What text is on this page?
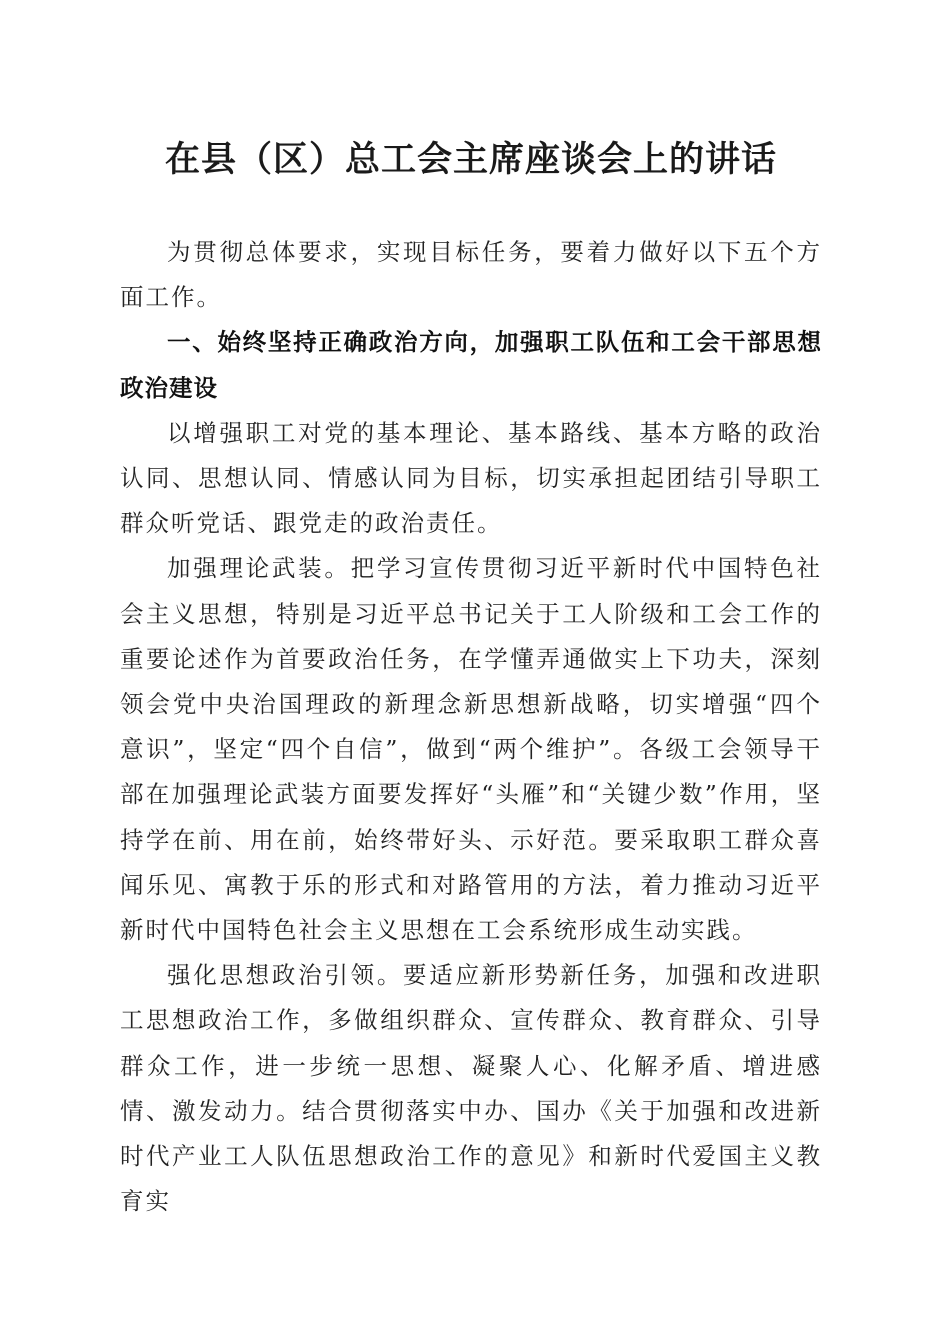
在县（区）总工会主席座谈会上的讲话

为贯彻总体要求，实现目标任务，要着力做好以下五个方面工作。

一、始终坚持正确政治方向，加强职工队伍和工会干部思想政治建设

以增强职工对党的基本理论、基本路线、基本方略的政治认同、思想认同、情感认同为目标，切实承担起团结引导职工群众听党话、跟党走的政治责任。

加强理论武装。把学习宣传贯彻习近平新时代中国特色社会主义思想，特别是习近平总书记关于工人阶级和工会工作的重要论述作为首要政治任务，在学懂弄通做实上下功夫，深刻领会党中央治国理政的新理念新思想新战略，切实增强“四个意识”，坚定“四个自信”，做到“两个维护”。各级工会领导干部在加强理论武装方面要发挥好“头雁”和“关键少数”作用，坚持学在前、用在前，始终带好头、示好范。要采取职工群众喜闻乐见、寓教于乐的形式和对路管用的方法，着力推动习近平新时代中国特色社会主义思想在工会系统形成生动实践。

强化思想政治引领。要适应新形势新任务，加强和改进职工思想政治工作，多做组织群众、宣传群众、教育群众、引导群众工作，进一步统一思想、凝聚人心、化解矛盾、增进感情、激发动力。结合贯彻落实中办、国办《关于加强和改进新时代产业工人队伍思想政治工作的意见》和新时代爱国主义教育实
